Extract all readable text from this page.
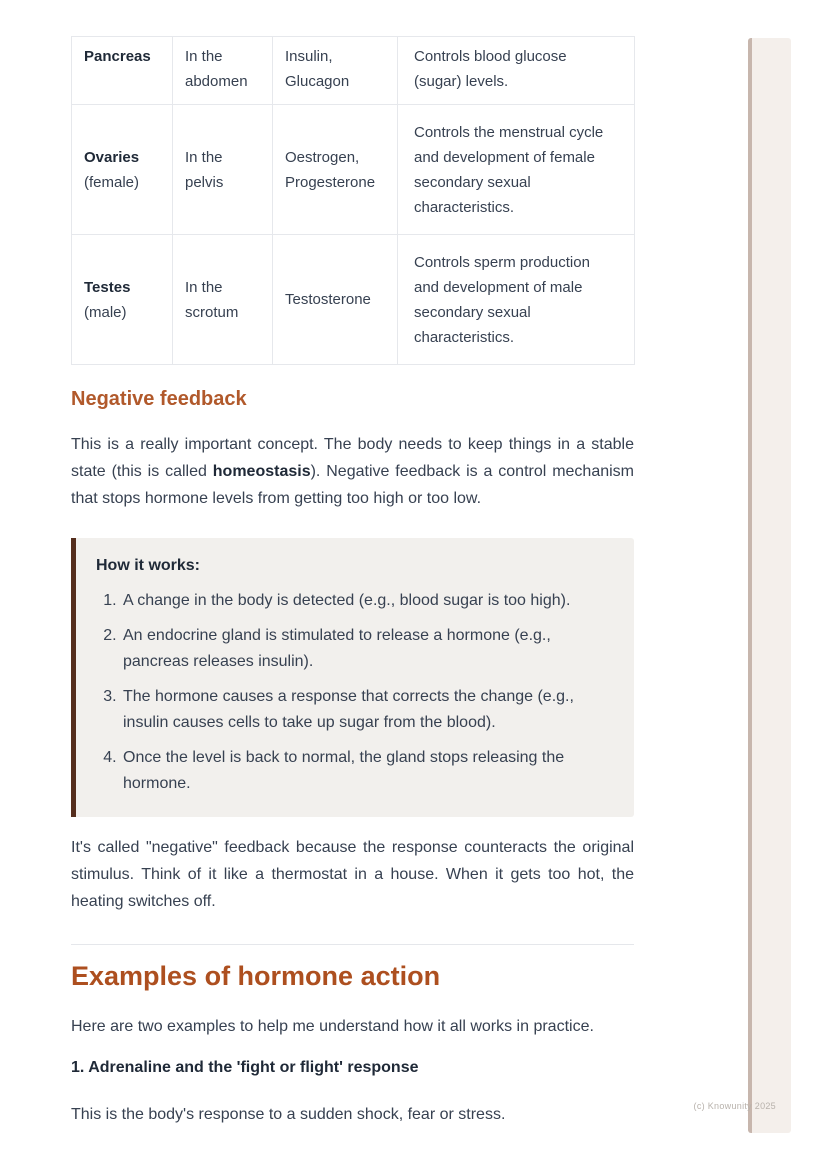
(c) Knowunity 2025
Pancreas	In the abdomen	Insulin, Glucagon	Controls blood glucose (sugar) levels.
Ovaries (female)	In the pelvis	Oestrogen, Progesterone	Controls the menstrual cycle and development of female secondary sexual characteristics.
Testes (male)	In the scrotum	Testosterone	Controls sperm production and development of male secondary sexual characteristics.
Negative feedback

This is a really important concept. The body needs to keep things in a stable state (this is called homeostasis). Negative feedback is a control mechanism that stops hormone levels from getting too high or too low.

How it works:
1. A change in the body is detected (e.g., blood sugar is too high).
2. An endocrine gland is stimulated to release a hormone (e.g., pancreas releases insulin).
3. The hormone causes a response that corrects the change (e.g., insulin causes cells to take up sugar from the blood).
4. Once the level is back to normal, the gland stops releasing the hormone.

It's called "negative" feedback because the response counteracts the original stimulus. Think of it like a thermostat in a house. When it gets too hot, the heating switches off.

Examples of hormone action

Here are two examples to help me understand how it all works in practice.

1. Adrenaline and the 'fight or flight' response

This is the body's response to a sudden shock, fear or stress.
